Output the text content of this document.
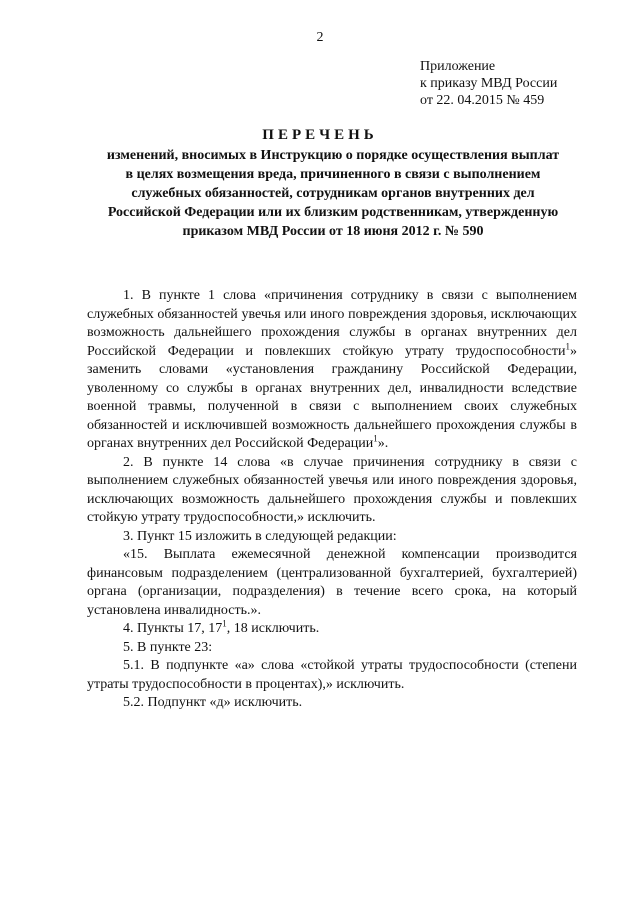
2
Приложение
к приказу МВД России
от 22. 04.2015 № 459
ПЕРЕЧЕНЬ
изменений, вносимых в Инструкцию о порядке осуществления выплат в целях возмещения вреда, причиненного в связи с выполнением служебных обязанностей, сотрудникам органов внутренних дел Российской Федерации или их близким родственникам, утвержденную приказом МВД России от 18 июня 2012 г. № 590

1. В пункте 1 слова «причинения сотруднику в связи с выполнением служебных обязанностей увечья или иного повреждения здоровья, исключающих возможность дальнейшего прохождения службы в органах внутренних дел Российской Федерации и повлекших стойкую утрату трудоспособности$^1$» заменить словами «установления гражданину Российской Федерации, уволенному со службы в органах внутренних дел, инвалидности вследствие военной травмы, полученной в связи с выполнением своих служебных обязанностей и исключившей возможность дальнейшего прохождения службы в органах внутренних дел Российской Федерации$^1$».

2. В пункте 14 слова «в случае причинения сотруднику в связи с выполнением служебных обязанностей увечья или иного повреждения здоровья, исключающих возможность дальнейшего прохождения службы и повлекших стойкую утрату трудоспособности,» исключить.

3. Пункт 15 изложить в следующей редакции:

«15. Выплата ежемесячной денежной компенсации производится финансовым подразделением (централизованной бухгалтерией, бухгалтерией) органа (организации, подразделения) в течение всего срока, на который установлена инвалидность.».

4. Пункты 17, $17^1$, 18 исключить.

5. В пункте 23:

5.1. В подпункте «а» слова «стойкой утраты трудоспособности (степени утраты трудоспособности в процентах),» исключить.

5.2. Подпункт «д» исключить.
